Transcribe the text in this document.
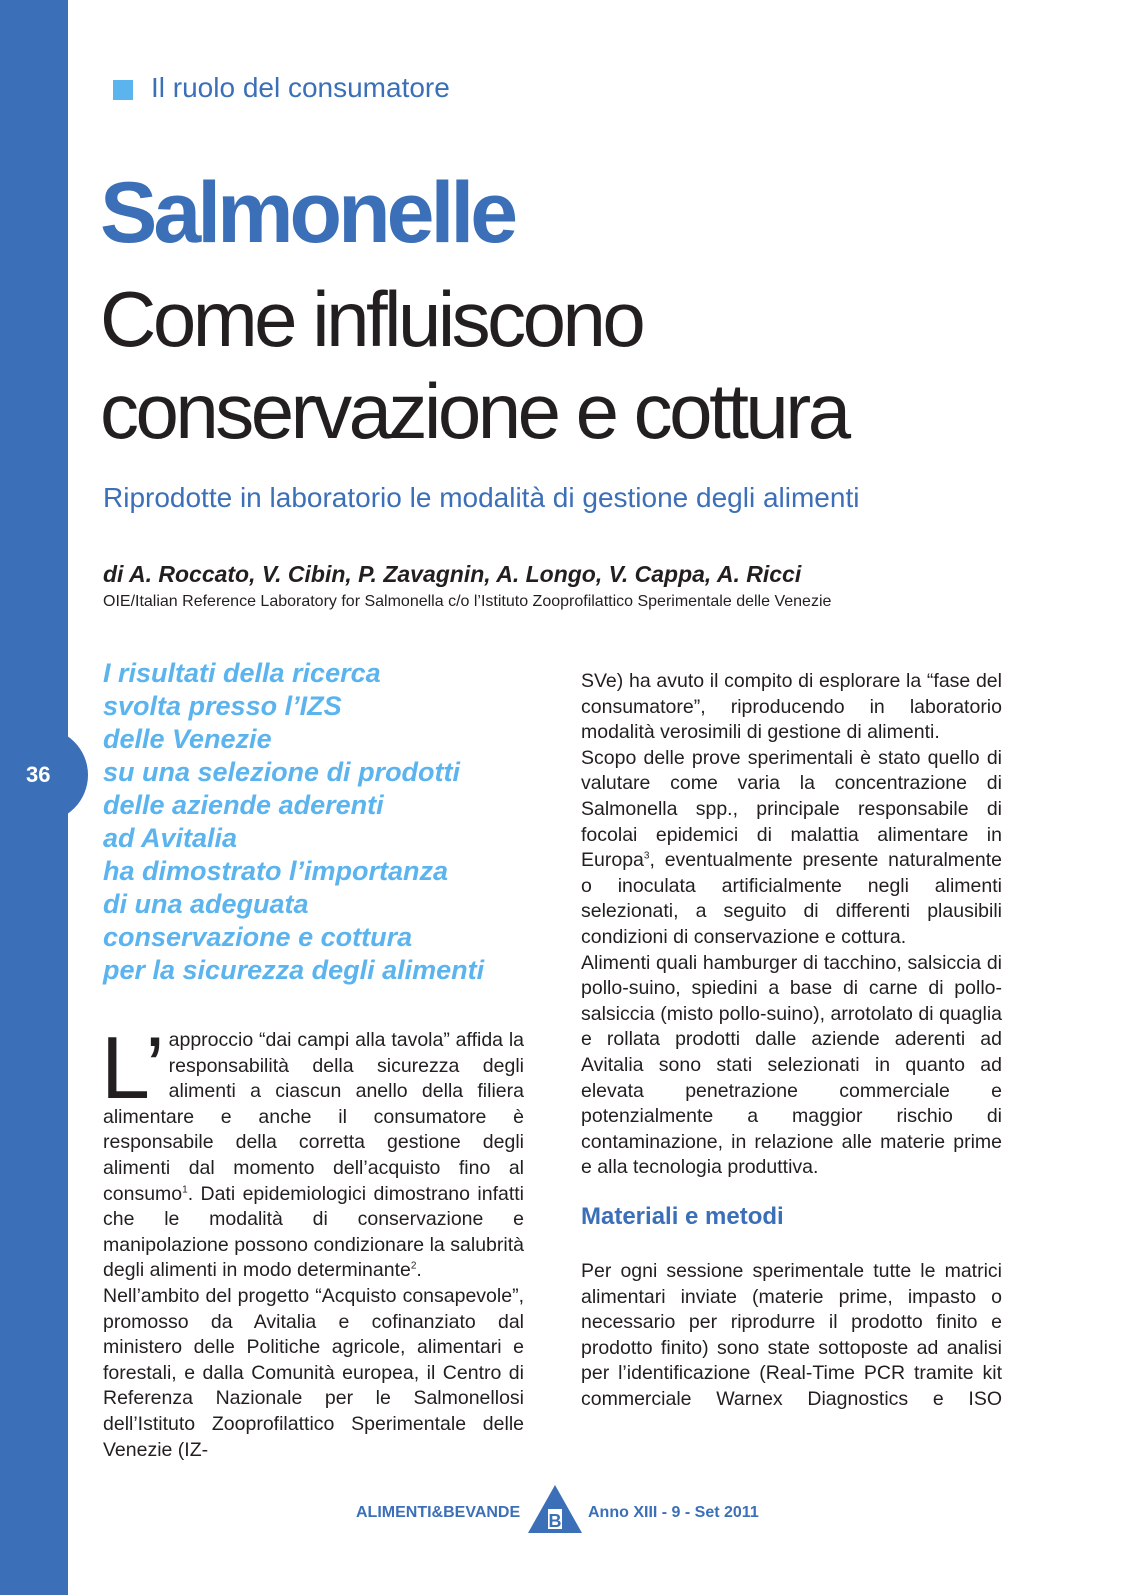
36
Il ruolo del consumatore
Salmonelle
Come influiscono
conservazione e cottura
Riprodotte in laboratorio le modalità di gestione degli alimenti
di A. Roccato, V. Cibin, P. Zavagnin, A. Longo, V. Cappa, A. Ricci
OIE/Italian Reference Laboratory for Salmonella c/o l’Istituto Zooprofilattico Sperimentale delle Venezie
I risultati della ricerca
svolta presso l’IZS
delle Venezie
su una selezione di prodotti
delle aziende aderenti
ad Avitalia
ha dimostrato l’importanza
di una adeguata
conservazione e cottura
per la sicurezza degli alimenti

L’ approccio “dai campi alla tavola” affida la responsabilità della sicurezza degli alimenti a ciascun anello della filiera alimentare e anche il consumatore è responsabile della corretta gestione degli alimenti dal momento dell’acquisto fino al consumo$^1$. Dati epidemiologici dimostrano infatti che le modalità di conservazione e manipolazione possono condizionare la salubrità degli alimenti in modo determinante$^2$.

Nell’ambito del progetto “Acquisto consapevole”, promosso da Avitalia e cofinanziato dal ministero delle Politiche agricole, alimentari e forestali, e dalla Comunità europea, il Centro di Referenza Nazionale per le Salmonellosi dell’Istituto Zooprofilattico Sperimentale delle Venezie (IZ-

SVe) ha avuto il compito di esplorare la “fase del consumatore”, riproducendo in laboratorio modalità verosimili di gestione di alimenti.

Scopo delle prove sperimentali è stato quello di valutare come varia la concentrazione di Salmonella spp., principale responsabile di focolai epidemici di malattia alimentare in Europa$^3$, eventualmente presente naturalmente o inoculata artificialmente negli alimenti selezionati, a seguito di differenti plausibili condizioni di conservazione e cottura.

Alimenti quali hamburger di tacchino, salsiccia di pollo-suino, spiedini a base di carne di pollo-salsiccia (misto pollo-suino), arrotolato di quaglia e rollata prodotti dalle aziende aderenti ad Avitalia sono stati selezionati in quanto ad elevata penetrazione commerciale e potenzialmente a maggior rischio di contaminazione, in relazione alle materie prime e alla tecnologia produttiva.

Materiali e metodi

Per ogni sessione sperimentale tutte le matrici alimentari inviate (materie prime, impasto o necessario per riprodurre il prodotto finito e prodotto finito) sono state sottoposte ad analisi per l’identificazione (Real-Time PCR tramite kit commerciale Warnex Diagnostics e ISO

ALIMENTI&BEVANDE B Anno XIII - 9 - Set 2011
